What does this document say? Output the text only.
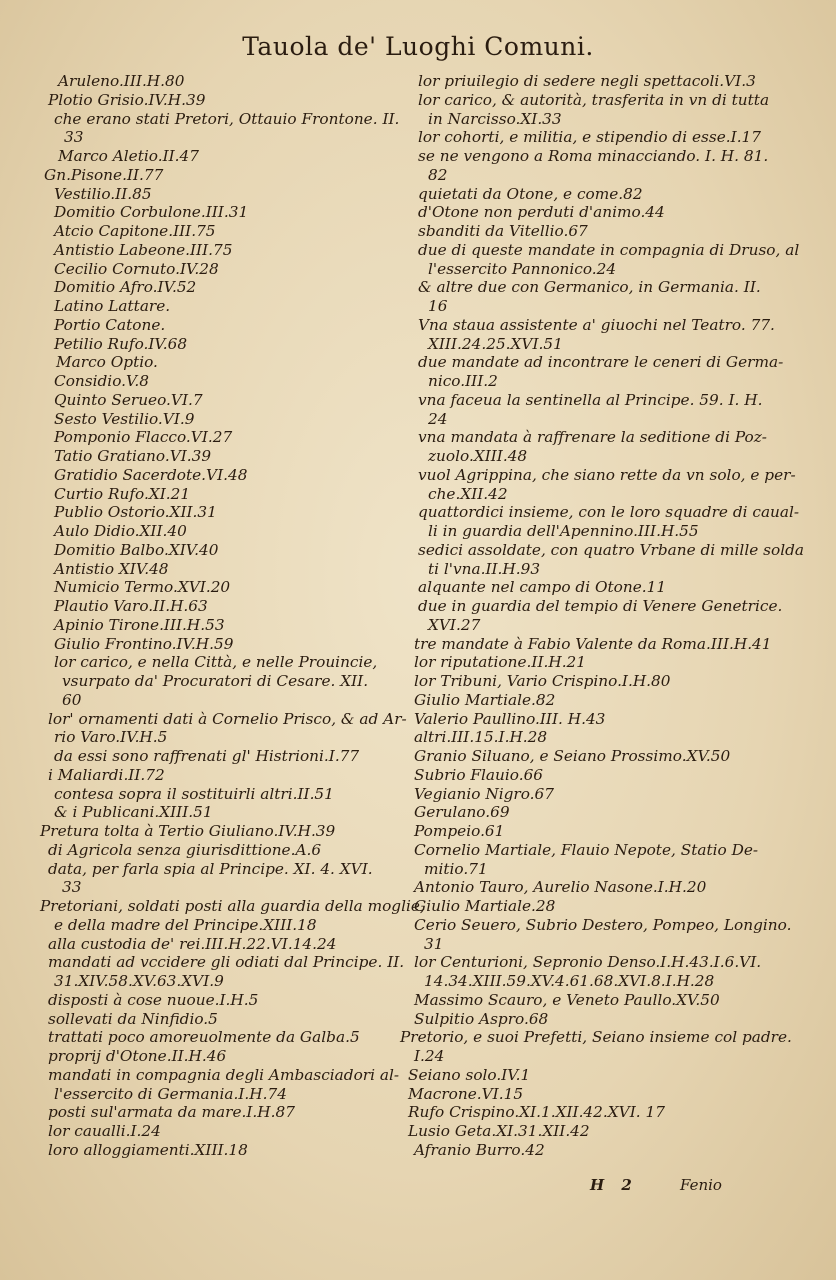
Tauola de' Luoghi Comuni.
Aruleno.III.H.80
Plotio Grisio.IV.H.39
che erano stati Pretori, Ottauio Frontone. II.
33
Marco Aletio.II.47
Gn.Pisone.II.77
Vestilio.II.85
Domitio Corbulone.III.31
Atcio Capitone.III.75
Antistio Labeone.III.75
Cecilio Cornuto.IV.28
Domitio Afro.IV.52
Latino Lattare.
Portio Catone.
Petilio Rufo.IV.68
Marco Optio.
Considio.V.8
Quinto Serueo.VI.7
Sesto Vestilio.VI.9
Pomponio Flacco.VI.27
Tatio Gratiano.VI.39
Gratidio Sacerdote.VI.48
Curtio Rufo.XI.21
Publio Ostorio.XII.31
Aulo Didio.XII.40
Domitio Balbo.XIV.40
Antistio XIV.48
Numicio Termo.XVI.20
Plautio Varo.II.H.63
Apinio Tirone.III.H.53
Giulio Frontino.IV.H.59
lor carico, e nella Città, e nelle Prouincie,
vsurpato da' Procuratori di Cesare. XII.
60
lor' ornamenti dati à Cornelio Prisco, & ad Ar-
rio Varo.IV.H.5
da essi sono raffrenati gl' Histrioni.I.77
i Maliardi.II.72
contesa sopra il sostituirli altri.II.51
& i Publicani.XIII.51
Pretura tolta à Tertio Giuliano.IV.H.39
di Agricola senza giurisdittione.A.6
data, per farla spia al Principe. XI. 4. XVI.
33
Pretoriani, soldati posti alla guardia della moglie,
e della madre del Principe.XIII.18
alla custodia de' rei.III.H.22.VI.14.24
mandati ad vccidere gli odiati dal Principe. II.
31.XIV.58.XV.63.XVI.9
disposti à cose nuoue.I.H.5
sollevati da Ninfidio.5
trattati poco amoreuolmente da Galba.5
proprij d'Otone.II.H.46
mandati in compagnia degli Ambasciadori al-
l'essercito di Germania.I.H.74
posti sul'armata da mare.I.H.87
lor caualli.I.24
loro alloggiamenti.XIII.18
lor priuilegio di sedere negli spettacoli.VI.3
lor carico, & autorità, trasferita in vn di tutta
in Narcisso.XI.33
lor cohorti, e militia, e stipendio di esse.I.17
se ne vengono a Roma minacciando. I. H. 81.
82
quietati da Otone, e come.82
d'Otone non perduti d'animo.44
sbanditi da Vitellio.67
due di queste mandate in compagnia di Druso, al
l'essercito Pannonico.24
& altre due con Germanico, in Germania. II.
16
Vna staua assistente a' giuochi nel Teatro. 77.
XIII.24.25.XVI.51
due mandate ad incontrare le ceneri di Germa-
nico.III.2
vna faceua la sentinella al Principe. 59. I. H.
24
vna mandata à raffrenare la seditione di Poz-
zuolo.XIII.48
vuol Agrippina, che siano rette da vn solo, e per-
che.XII.42
quattordici insieme, con le loro squadre di caual-
li in guardia dell'Apennino.III.H.55
sedici assoldate, con quatro Vrbane di mille solda
ti l'vna.II.H.93
alquante nel campo di Otone.11
due in guardia del tempio di Venere Genetrice.
XVI.27
tre mandate à Fabio Valente da Roma.III.H.41
lor riputatione.II.H.21
lor Tribuni, Vario Crispino.I.H.80
Giulio Martiale.82
Valerio Paullino.III. H.43
altri.III.15.I.H.28
Granio Siluano, e Seiano Prossimo.XV.50
Subrio Flauio.66
Vegianio Nigro.67
Gerulano.69
Pompeio.61
Cornelio Martiale, Flauio Nepote, Statio De-
mitio.71
Antonio Tauro, Aurelio Nasone.I.H.20
Giulio Martiale.28
Cerio Seuero, Subrio Destero, Pompeo, Longino.
31
lor Centurioni, Sepronio Denso.I.H.43.I.6.VI.
14.34.XIII.59.XV.4.61.68.XVI.8.I.H.28
Massimo Scauro, e Veneto Paullo.XV.50
Sulpitio Aspro.68
Pretorio, e suoi Prefetti, Seiano insieme col padre.
I.24
Seiano solo.IV.1
Macrone.VI.15
Rufo Crispino.XI.1.XII.42.XVI. 17
Lusio Geta.XI.31.XII.42
Afranio Burro.42
H 2	Fenio
